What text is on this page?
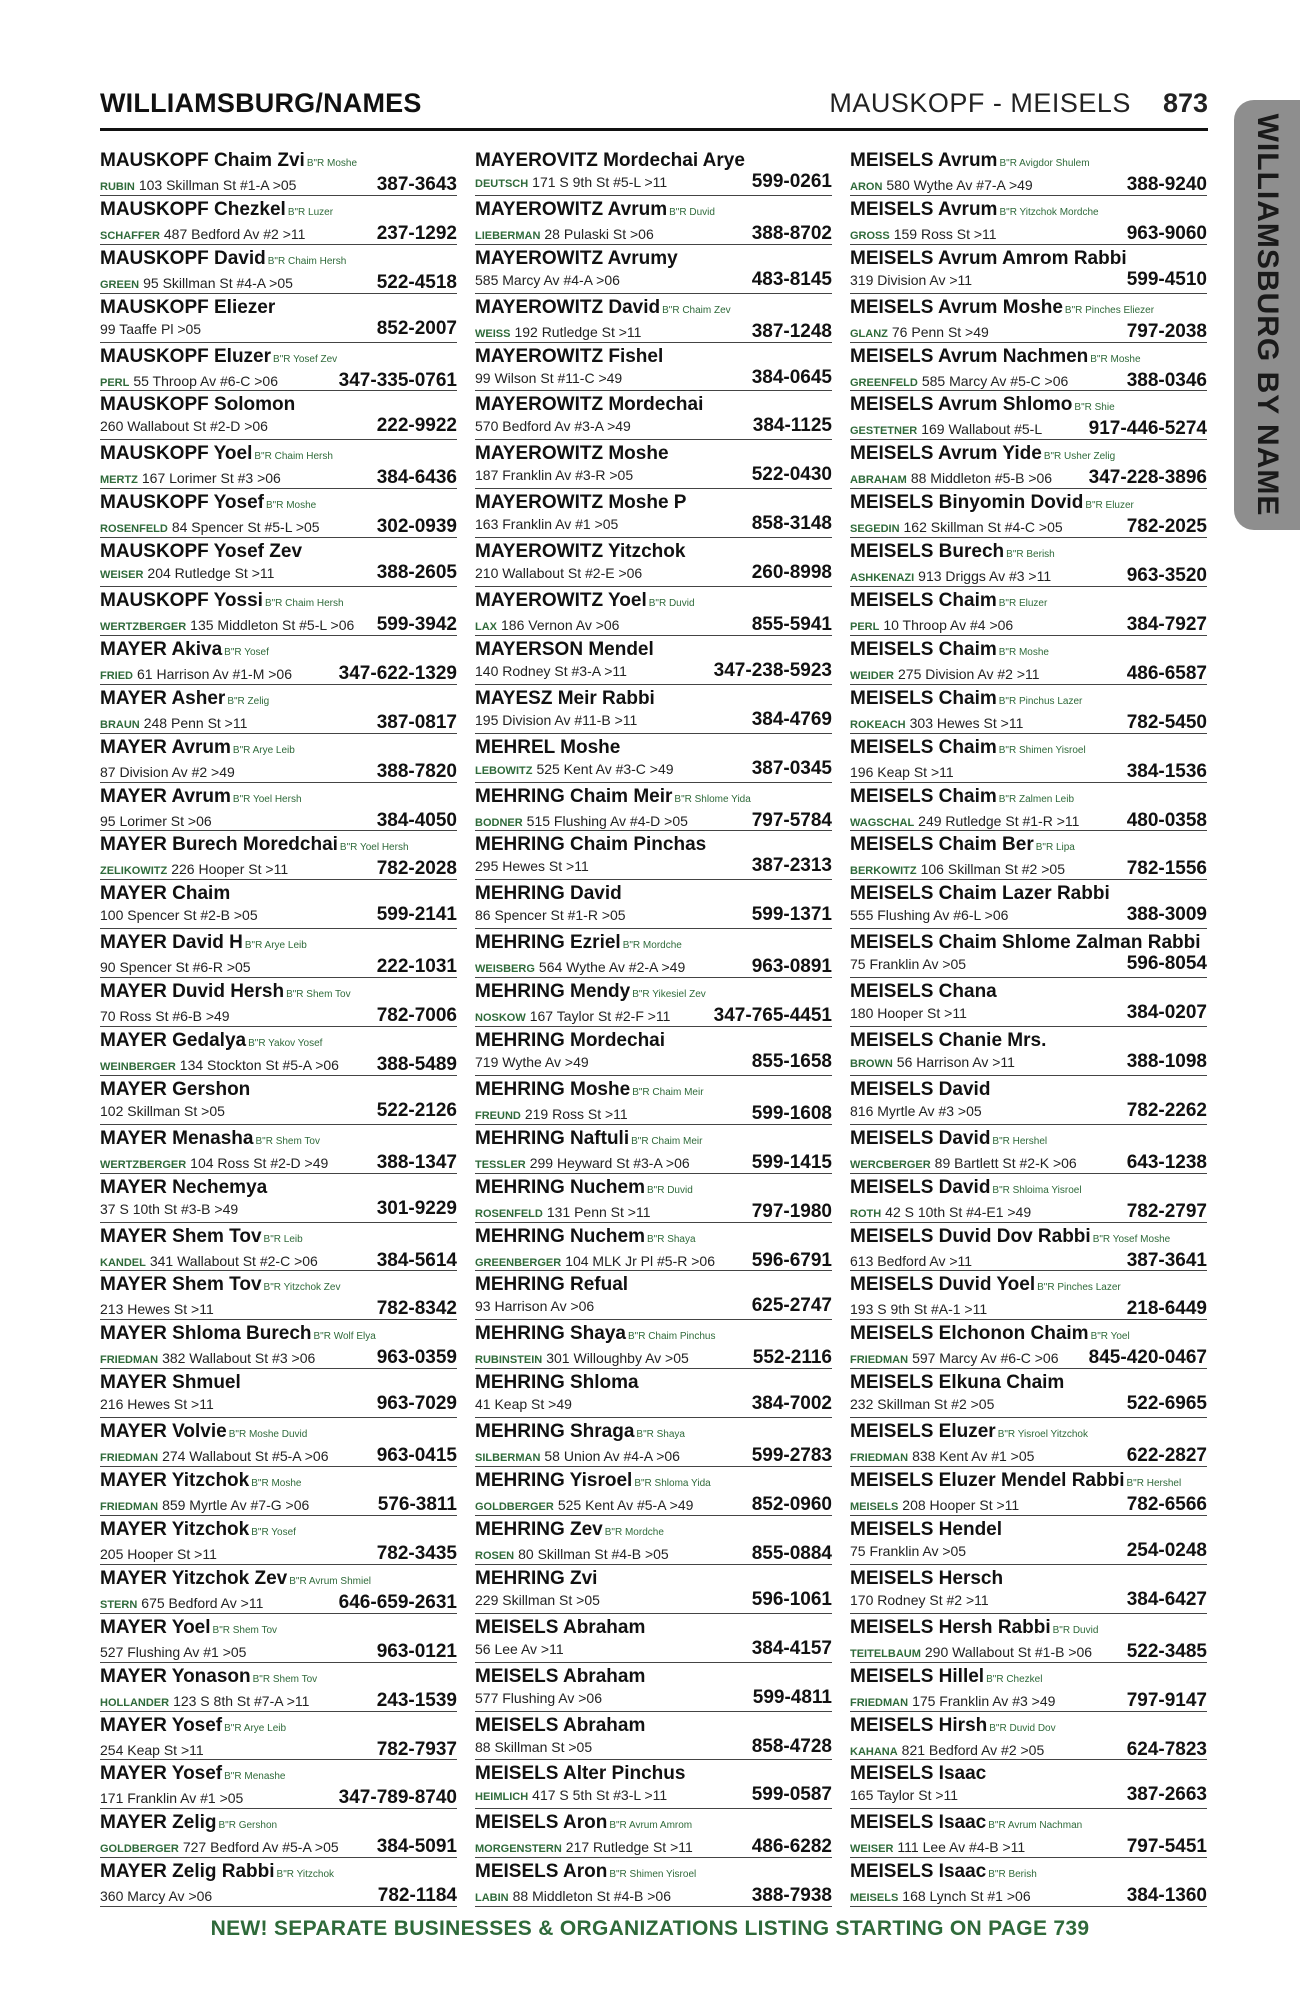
WILLIAMSBURG/NAMES	MAUSKOPF - MEISELS 873
WILLIAMSBURG BY NAME
MAUSKOPF Chaim Zvi B"R Moshe
RUBIN 103 Skillman St #1-A >05	387-3643
MAUSKOPF Chezkel B"R Luzer
SCHAFFER 487 Bedford Av #2 >11	237-1292
MAUSKOPF David B"R Chaim Hersh
GREEN 95 Skillman St #4-A >05	522-4518
MAUSKOPF Eliezer
99 Taaffe Pl >05	852-2007
MAUSKOPF Eluzer B"R Yosef Zev
PERL 55 Throop Av #6-C >06	347-335-0761
MAUSKOPF Solomon
260 Wallabout St #2-D >06	222-9922
MAUSKOPF Yoel B"R Chaim Hersh
MERTZ 167 Lorimer St #3 >06	384-6436
MAUSKOPF Yosef B"R Moshe
ROSENFELD 84 Spencer St #5-L >05	302-0939
MAUSKOPF Yosef Zev
WEISER 204 Rutledge St >11	388-2605
MAUSKOPF Yossi B"R Chaim Hersh
WERTZBERGER 135 Middleton St #5-L >06	599-3942
MAYER Akiva B"R Yosef
FRIED 61 Harrison Av #1-M >06	347-622-1329
MAYER Asher B"R Zelig
BRAUN 248 Penn St >11	387-0817
MAYER Avrum B"R Arye Leib
87 Division Av #2 >49	388-7820
MAYER Avrum B"R Yoel Hersh
95 Lorimer St >06	384-4050
MAYER Burech Moredchai B"R Yoel Hersh
ZELIKOWITZ 226 Hooper St >11	782-2028
MAYER Chaim
100 Spencer St #2-B >05	599-2141
MAYER David H B"R Arye Leib
90 Spencer St #6-R >05	222-1031
MAYER Duvid Hersh B"R Shem Tov
70 Ross St #6-B >49	782-7006
MAYER Gedalya B"R Yakov Yosef
WEINBERGER 134 Stockton St #5-A >06	388-5489
MAYER Gershon
102 Skillman St >05	522-2126
MAYER Menasha B"R Shem Tov
WERTZBERGER 104 Ross St #2-D >49	388-1347
MAYER Nechemya
37 S 10th St #3-B >49	301-9229
MAYER Shem Tov B"R Leib
KANDEL 341 Wallabout St #2-C >06	384-5614
MAYER Shem Tov B"R Yitzchok Zev
213 Hewes St >11	782-8342
MAYER Shloma Burech B"R Wolf Elya
FRIEDMAN 382 Wallabout St #3 >06	963-0359
MAYER Shmuel
216 Hewes St >11	963-7029
MAYER Volvie B"R Moshe Duvid
FRIEDMAN 274 Wallabout St #5-A >06	963-0415
MAYER Yitzchok B"R Moshe
FRIEDMAN 859 Myrtle Av #7-G >06	576-3811
MAYER Yitzchok B"R Yosef
205 Hooper St >11	782-3435
MAYER Yitzchok Zev B"R Avrum Shmiel
STERN 675 Bedford Av >11	646-659-2631
MAYER Yoel B"R Shem Tov
527 Flushing Av #1 >05	963-0121
MAYER Yonason B"R Shem Tov
HOLLANDER 123 S 8th St #7-A >11	243-1539
MAYER Yosef B"R Arye Leib
254 Keap St >11	782-7937
MAYER Yosef B"R Menashe
171 Franklin Av #1 >05	347-789-8740
MAYER Zelig B"R Gershon
GOLDBERGER 727 Bedford Av #5-A >05	384-5091
MAYER Zelig Rabbi B"R Yitzchok
360 Marcy Av >06	782-1184
MAYEROVITZ Mordechai Arye
DEUTSCH 171 S 9th St #5-L >11	599-0261
MAYEROWITZ Avrum B"R Duvid
LIEBERMAN 28 Pulaski St >06	388-8702
MAYEROWITZ Avrumy
585 Marcy Av #4-A >06	483-8145
MAYEROWITZ David B"R Chaim Zev
WEISS 192 Rutledge St >11	387-1248
MAYEROWITZ Fishel
99 Wilson St #11-C >49	384-0645
MAYEROWITZ Mordechai
570 Bedford Av #3-A >49	384-1125
MAYEROWITZ Moshe
187 Franklin Av #3-R >05	522-0430
MAYEROWITZ Moshe P
163 Franklin Av #1 >05	858-3148
MAYEROWITZ Yitzchok
210 Wallabout St #2-E >06	260-8998
MAYEROWITZ Yoel B"R Duvid
LAX 186 Vernon Av >06	855-5941
MAYERSON Mendel
140 Rodney St #3-A >11	347-238-5923
MAYESZ Meir Rabbi
195 Division Av #11-B >11	384-4769
MEHREL Moshe
LEBOWITZ 525 Kent Av #3-C >49	387-0345
MEHRING Chaim Meir B"R Shlome Yida
BODNER 515 Flushing Av #4-D >05	797-5784
MEHRING Chaim Pinchas
295 Hewes St >11	387-2313
MEHRING David
86 Spencer St #1-R >05	599-1371
MEHRING Ezriel B"R Mordche
WEISBERG 564 Wythe Av #2-A >49	963-0891
MEHRING Mendy B"R Yikesiel Zev
NOSKOW 167 Taylor St #2-F >11	347-765-4451
MEHRING Mordechai
719 Wythe Av >49	855-1658
MEHRING Moshe B"R Chaim Meir
FREUND 219 Ross St >11	599-1608
MEHRING Naftuli B"R Chaim Meir
TESSLER 299 Heyward St #3-A >06	599-1415
MEHRING Nuchem B"R Duvid
ROSENFELD 131 Penn St >11	797-1980
MEHRING Nuchem B"R Shaya
GREENBERGER 104 MLK Jr Pl #5-R >06	596-6791
MEHRING Refual
93 Harrison Av >06	625-2747
MEHRING Shaya B"R Chaim Pinchus
RUBINSTEIN 301 Willoughby Av >05	552-2116
MEHRING Shloma
41 Keap St >49	384-7002
MEHRING Shraga B"R Shaya
SILBERMAN 58 Union Av #4-A >06	599-2783
MEHRING Yisroel B"R Shloma Yida
GOLDBERGER 525 Kent Av #5-A >49	852-0960
MEHRING Zev B"R Mordche
ROSEN 80 Skillman St #4-B >05	855-0884
MEHRING Zvi
229 Skillman St >05	596-1061
MEISELS Abraham
56 Lee Av >11	384-4157
MEISELS Abraham
577 Flushing Av >06	599-4811
MEISELS Abraham
88 Skillman St >05	858-4728
MEISELS Alter Pinchus
HEIMLICH 417 S 5th St #3-L >11	599-0587
MEISELS Aron B"R Avrum Amrom
MORGENSTERN 217 Rutledge St >11	486-6282
MEISELS Aron B"R Shimen Yisroel
LABIN 88 Middleton St #4-B >06	388-7938
MEISELS Avrum B"R Avigdor Shulem
ARON 580 Wythe Av #7-A >49	388-9240
MEISELS Avrum B"R Yitzchok Mordche
GROSS 159 Ross St >11	963-9060
MEISELS Avrum Amrom Rabbi
319 Division Av >11	599-4510
MEISELS Avrum Moshe B"R Pinches Eliezer
GLANZ 76 Penn St >49	797-2038
MEISELS Avrum Nachmen B"R Moshe
GREENFELD 585 Marcy Av #5-C >06	388-0346
MEISELS Avrum Shlomo B"R Shie
GESTETNER 169 Wallabout #5-L	917-446-5274
MEISELS Avrum Yide B"R Usher Zelig
ABRAHAM 88 Middleton #5-B >06	347-228-3896
MEISELS Binyomin Dovid B"R Eluzer
SEGEDIN 162 Skillman St #4-C >05	782-2025
MEISELS Burech B"R Berish
ASHKENAZI 913 Driggs Av #3 >11	963-3520
MEISELS Chaim B"R Eluzer
PERL 10 Throop Av #4 >06	384-7927
MEISELS Chaim B"R Moshe
WEIDER 275 Division Av #2 >11	486-6587
MEISELS Chaim B"R Pinchus Lazer
ROKEACH 303 Hewes St >11	782-5450
MEISELS Chaim B"R Shimen Yisroel
196 Keap St >11	384-1536
MEISELS Chaim B"R Zalmen Leib
WAGSCHAL 249 Rutledge St #1-R >11	480-0358
MEISELS Chaim Ber B"R Lipa
BERKOWITZ 106 Skillman St #2 >05	782-1556
MEISELS Chaim Lazer Rabbi
555 Flushing Av #6-L >06	388-3009
MEISELS Chaim Shlome Zalman Rabbi
75 Franklin Av >05	596-8054
MEISELS Chana
180 Hooper St >11	384-0207
MEISELS Chanie Mrs.
BROWN 56 Harrison Av >11	388-1098
MEISELS David
816 Myrtle Av #3 >05	782-2262
MEISELS David B"R Hershel
WERCBERGER 89 Bartlett St #2-K >06	643-1238
MEISELS David B"R Shloima Yisroel
ROTH 42 S 10th St #4-E1 >49	782-2797
MEISELS Duvid Dov Rabbi B"R Yosef Moshe
613 Bedford Av >11	387-3641
MEISELS Duvid Yoel B"R Pinches Lazer
193 S 9th St #A-1 >11	218-6449
MEISELS Elchonon Chaim B"R Yoel
FRIEDMAN 597 Marcy Av #6-C >06	845-420-0467
MEISELS Elkuna Chaim
232 Skillman St #2 >05	522-6965
MEISELS Eluzer B"R Yisroel Yitzchok
FRIEDMAN 838 Kent Av #1 >05	622-2827
MEISELS Eluzer Mendel Rabbi B"R Hershel
MEISELS 208 Hooper St >11	782-6566
MEISELS Hendel
75 Franklin Av >05	254-0248
MEISELS Hersch
170 Rodney St #2 >11	384-6427
MEISELS Hersh Rabbi B"R Duvid
TEITELBAUM 290 Wallabout St #1-B >06	522-3485
MEISELS Hillel B"R Chezkel
FRIEDMAN 175 Franklin Av #3 >49	797-9147
MEISELS Hirsh B"R Duvid Dov
KAHANA 821 Bedford Av #2 >05	624-7823
MEISELS Isaac
165 Taylor St >11	387-2663
MEISELS Isaac B"R Avrum Nachman
WEISER 111 Lee Av #4-B >11	797-5451
MEISELS Isaac B"R Berish
MEISELS 168 Lynch St #1 >06	384-1360
NEW! SEPARATE BUSINESSES & ORGANIZATIONS LISTING STARTING ON PAGE 739
